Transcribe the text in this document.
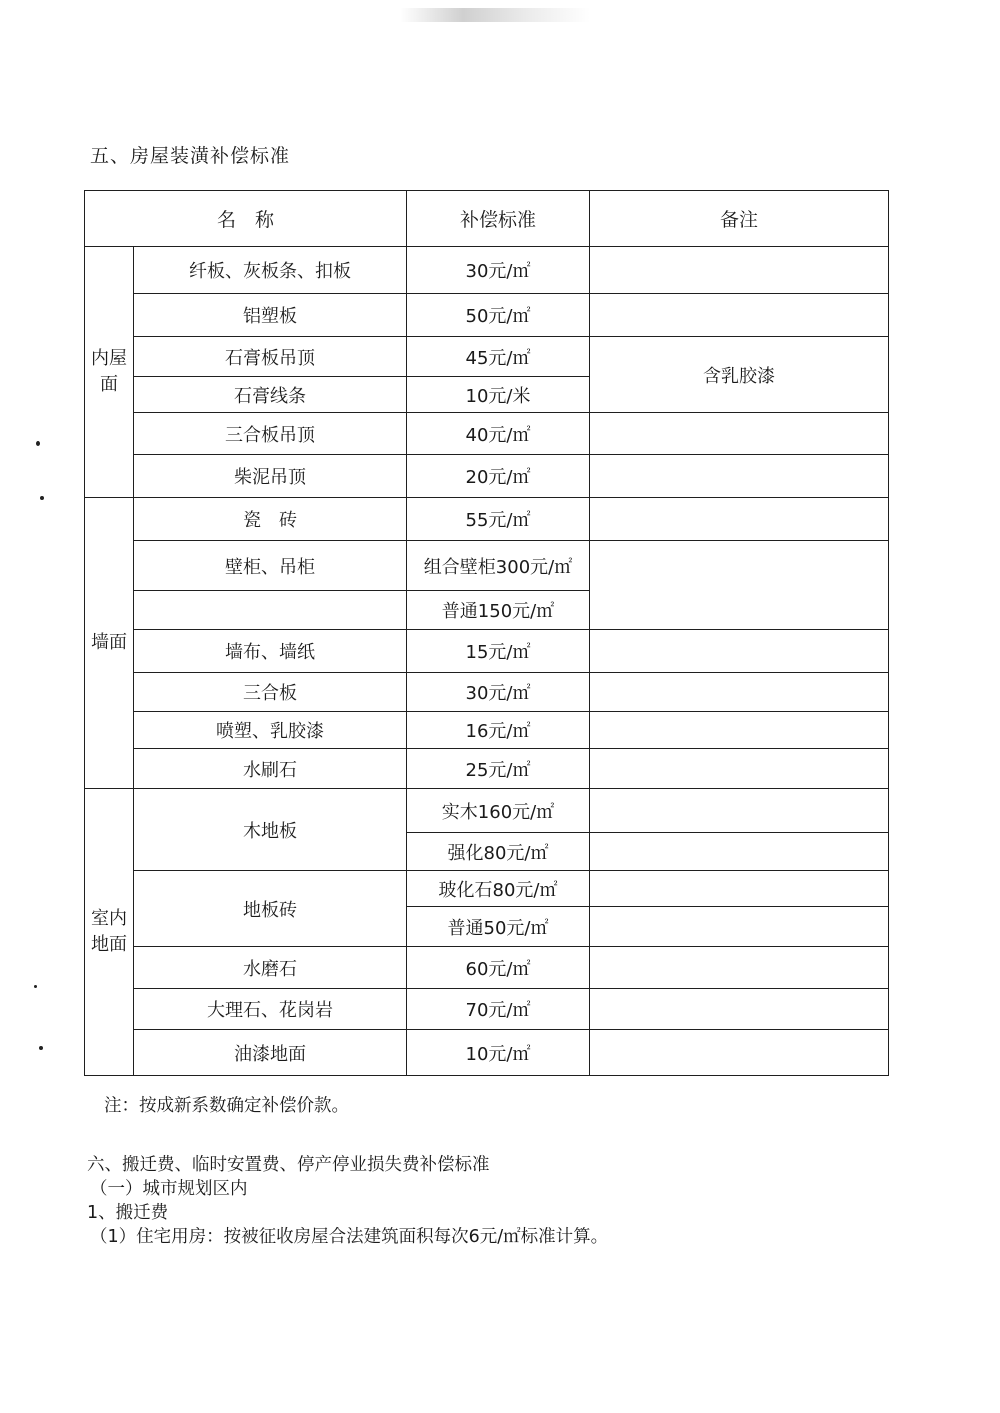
五、房屋装潢补偿标准
名　称		补偿标准	备注
内屋面	纤板、灰板条、扣板	30元/㎡	
	铝塑板	50元/㎡	
	石膏板吊顶	45元/㎡	含乳胶漆
	石膏线条	10元/米	
	三合板吊顶	40元/㎡	
	柴泥吊顶	20元/㎡	
墙面	瓷　砖	55元/㎡	
	壁柜、吊柜	组合壁柜300元/㎡	
		普通150元/㎡	
	墙布、墙纸	15元/㎡	
	三合板	30元/㎡	
	喷塑、乳胶漆	16元/㎡	
	水刷石	25元/㎡	
室内地面	木地板	实木160元/㎡	
		强化80元/㎡	
	地板砖	玻化石80元/㎡	
		普通50元/㎡	
	水磨石	60元/㎡	
	大理石、花岗岩	70元/㎡	
	油漆地面	10元/㎡	
注：按成新系数确定补偿价款。
六、搬迁费、临时安置费、停产停业损失费补偿标准
（一）城市规划区内
1、搬迁费
（1）住宅用房：按被征收房屋合法建筑面积每次6元/㎡标准计算。
